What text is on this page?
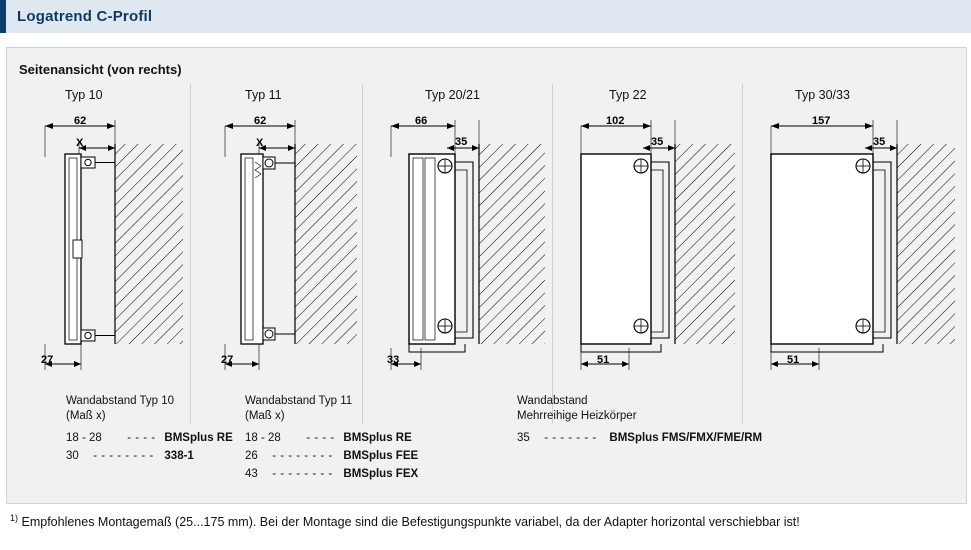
Logatrend C-Profil
Seitenansicht (von rechts)
Typ 10
62
X
27
Wandabstand Typ 10
(Maß x)
18 - 28 - - - - BMSplus RE
30 - - - - - - - - 338-1
Typ 11
62
X
27
Wandabstand Typ 11
(Maß x)
18 - 28 - - - - BMSplus RE
26 - - - - - - - - BMSplus FEE
43 - - - - - - - - BMSplus FEX
Typ 20/21
66
35
33
Wandabstand
Mehrreihige Heizkörper
35 - - - - - - - BMSplus FMS/FMX/FME/RM
Typ 22
102
35
51
Typ 30/33
157
35
51
$^{1)}$ Empfohlenes Montagemaß (25...175 mm). Bei der Montage sind die Befestigungspunkte variabel, da der Adapter horizontal verschiebbar ist!
